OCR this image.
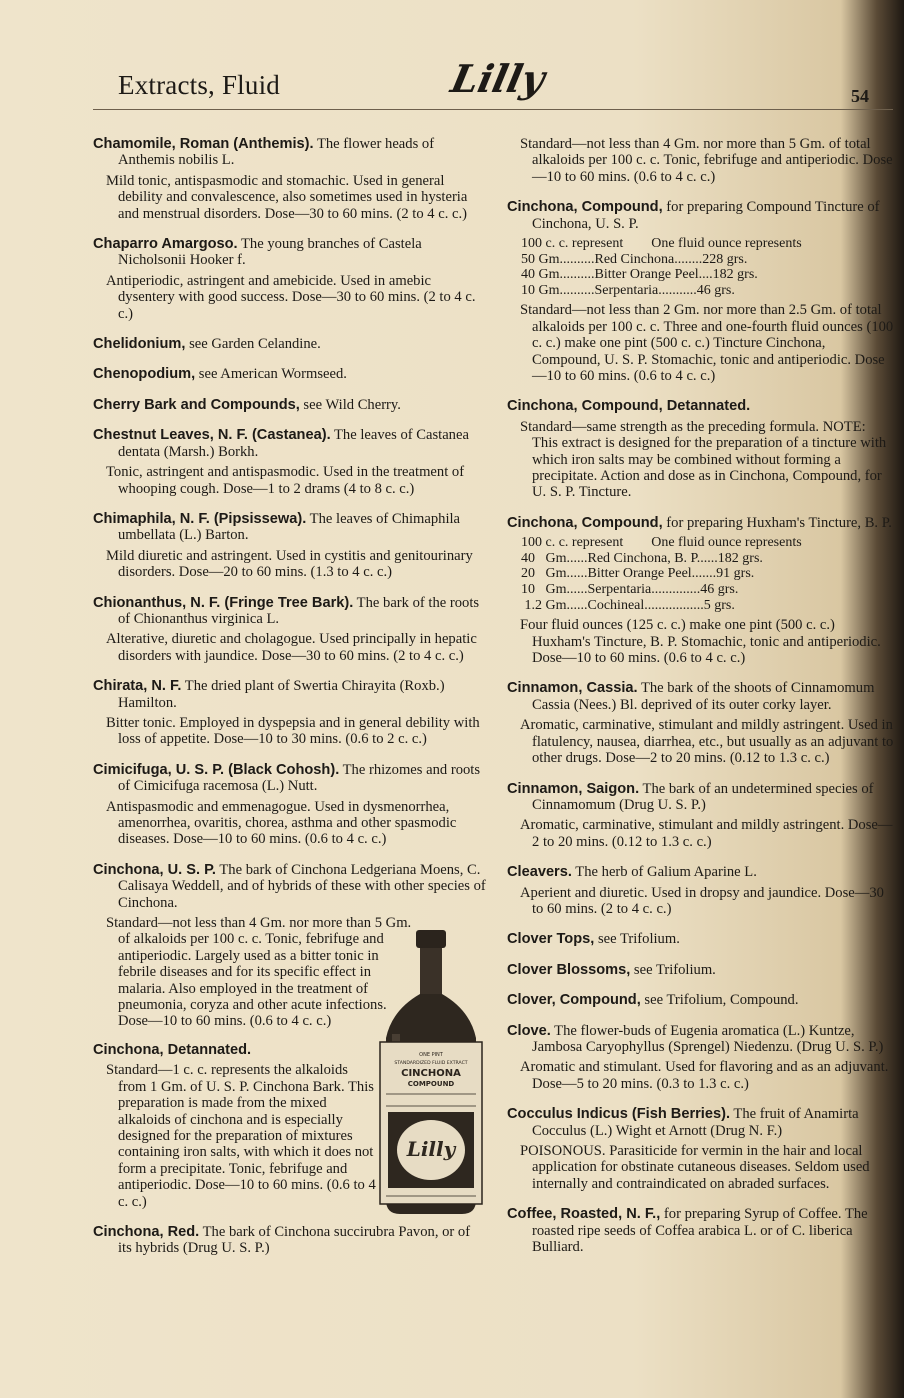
Extracts, Fluid	Lilly	54
Chamomile, Roman (Anthemis). The flower heads of Anthemis nobilis L.
Mild tonic, antispasmodic and stomachic. Used in general debility and convalescence, also sometimes used in hysteria and menstrual disorders. Dose—30 to 60 mins. (2 to 4 c. c.)
Chaparro Amargoso. The young branches of Castela Nicholsonii Hooker f.
Antiperiodic, astringent and amebicide. Used in amebic dysentery with good success. Dose—30 to 60 mins. (2 to 4 c. c.)
Chelidonium, see Garden Celandine.
Chenopodium, see American Wormseed.
Cherry Bark and Compounds, see Wild Cherry.
Chestnut Leaves, N. F. (Castanea). The leaves of Castanea dentata (Marsh.) Borkh.
Tonic, astringent and antispasmodic. Used in the treatment of whooping cough. Dose—1 to 2 drams (4 to 8 c. c.)
Chimaphila, N. F. (Pipsissewa). The leaves of Chimaphila umbellata (L.) Barton.
Mild diuretic and astringent. Used in cystitis and genitourinary disorders. Dose—20 to 60 mins. (1.3 to 4 c. c.)
Chionanthus, N. F. (Fringe Tree Bark). The bark of the roots of Chionanthus virginica L.
Alterative, diuretic and cholagogue. Used principally in hepatic disorders with jaundice. Dose—30 to 60 mins. (2 to 4 c. c.)
Chirata, N. F. The dried plant of Swertia Chirayita (Roxb.) Hamilton.
Bitter tonic. Employed in dyspepsia and in general debility with loss of appetite. Dose—10 to 30 mins. (0.6 to 2 c. c.)
Cimicifuga, U. S. P. (Black Cohosh). The rhizomes and roots of Cimicifuga racemosa (L.) Nutt.
Antispasmodic and emmenagogue. Used in dysmenorrhea, amenorrhea, ovaritis, chorea, asthma and other spasmodic diseases. Dose—10 to 60 mins. (0.6 to 4 c. c.)
Cinchona, U. S. P. The bark of Cinchona Ledgeriana Moens, C. Calisaya Weddell, and of hybrids of these with other species of Cinchona.
Standard—not less than 4 Gm. nor more than 5 Gm.
of alkaloids per 100 c. c. Tonic, febrifuge and antiperiodic. Largely used as a bitter tonic in febrile diseases and for its specific effect in malaria. Also employed in the treatment of pneumonia, coryza and other acute infections. Dose—10 to 60 mins. (0.6 to 4 c. c.)
Cinchona, Detannated.
Standard—1 c. c. represents the alkaloids from 1 Gm. of U. S. P. Cinchona Bark. This preparation is made from the mixed alkaloids of cinchona and is especially designed for the preparation of mixtures containing iron salts, with which it does not form a precipitate. Tonic, febrifuge and antiperiodic. Dose—10 to 60 mins. (0.6 to 4 c. c.)
Cinchona, Red. The bark of Cinchona succirubra Pavon, or of its hybrids (Drug U. S. P.)
ONE PINT
STANDARDIZED FLUID EXTRACT
CINCHONA
COMPOUND
Lilly
Standard—not less than 4 Gm. nor more than 5 Gm. of total alkaloids per 100 c. c. Tonic, febrifuge and antiperiodic. Dose—10 to 60 mins. (0.6 to 4 c. c.)
Cinchona, Compound, for preparing Compound Tincture of Cinchona, U. S. P.
100 c. c. represent        One fluid ounce represents
50 Gm..........Red Cinchona........228 grs.
40 Gm..........Bitter Orange Peel....182 grs.
10 Gm..........Serpentaria...........46 grs.
Standard—not less than 2 Gm. nor more than 2.5 Gm. of total alkaloids per 100 c. c. Three and one-fourth fluid ounces (100 c. c.) make one pint (500 c. c.) Tincture Cinchona, Compound, U. S. P. Stomachic, tonic and antiperiodic. Dose—10 to 60 mins. (0.6 to 4 c. c.)
Cinchona, Compound, Detannated.
Standard—same strength as the preceding formula. NOTE: This extract is designed for the preparation of a tincture with which iron salts may be combined without forming a precipitate. Action and dose as in Cinchona, Compound, for U. S. P. Tincture.
Cinchona, Compound, for preparing Huxham's Tincture, B. P.
100 c. c. represent        One fluid ounce represents
40   Gm......Red Cinchona, B. P......182 grs.
20   Gm......Bitter Orange Peel.......91 grs.
10   Gm......Serpentaria..............46 grs.
1.2 Gm......Cochineal.................5 grs.
Four fluid ounces (125 c. c.) make one pint (500 c. c.) Huxham's Tincture, B. P. Stomachic, tonic and antiperiodic. Dose—10 to 60 mins. (0.6 to 4 c. c.)
Cinnamon, Cassia. The bark of the shoots of Cinnamomum Cassia (Nees.) Bl. deprived of its outer corky layer.
Aromatic, carminative, stimulant and mildly astringent. Used in flatulency, nausea, diarrhea, etc., but usually as an adjuvant to other drugs. Dose—2 to 20 mins. (0.12 to 1.3 c. c.)
Cinnamon, Saigon. The bark of an undetermined species of Cinnamomum (Drug U. S. P.)
Aromatic, carminative, stimulant and mildly astringent. Dose—2 to 20 mins. (0.12 to 1.3 c. c.)
Cleavers. The herb of Galium Aparine L.
Aperient and diuretic. Used in dropsy and jaundice. Dose—30 to 60 mins. (2 to 4 c. c.)
Clover Tops, see Trifolium.
Clover Blossoms, see Trifolium.
Clover, Compound, see Trifolium, Compound.
Clove. The flower-buds of Eugenia aromatica (L.) Kuntze, Jambosa Caryophyllus (Sprengel) Niedenzu. (Drug U. S. P.)
Aromatic and stimulant. Used for flavoring and as an adjuvant. Dose—5 to 20 mins. (0.3 to 1.3 c. c.)
Cocculus Indicus (Fish Berries). The fruit of Anamirta Cocculus (L.) Wight et Arnott (Drug N. F.)
POISONOUS. Parasiticide for vermin in the hair and local application for obstinate cutaneous diseases. Seldom used internally and contraindicated on abraded surfaces.
Coffee, Roasted, N. F., for preparing Syrup of Coffee. The roasted ripe seeds of Coffea arabica L. or of C. liberica Bulliard.
